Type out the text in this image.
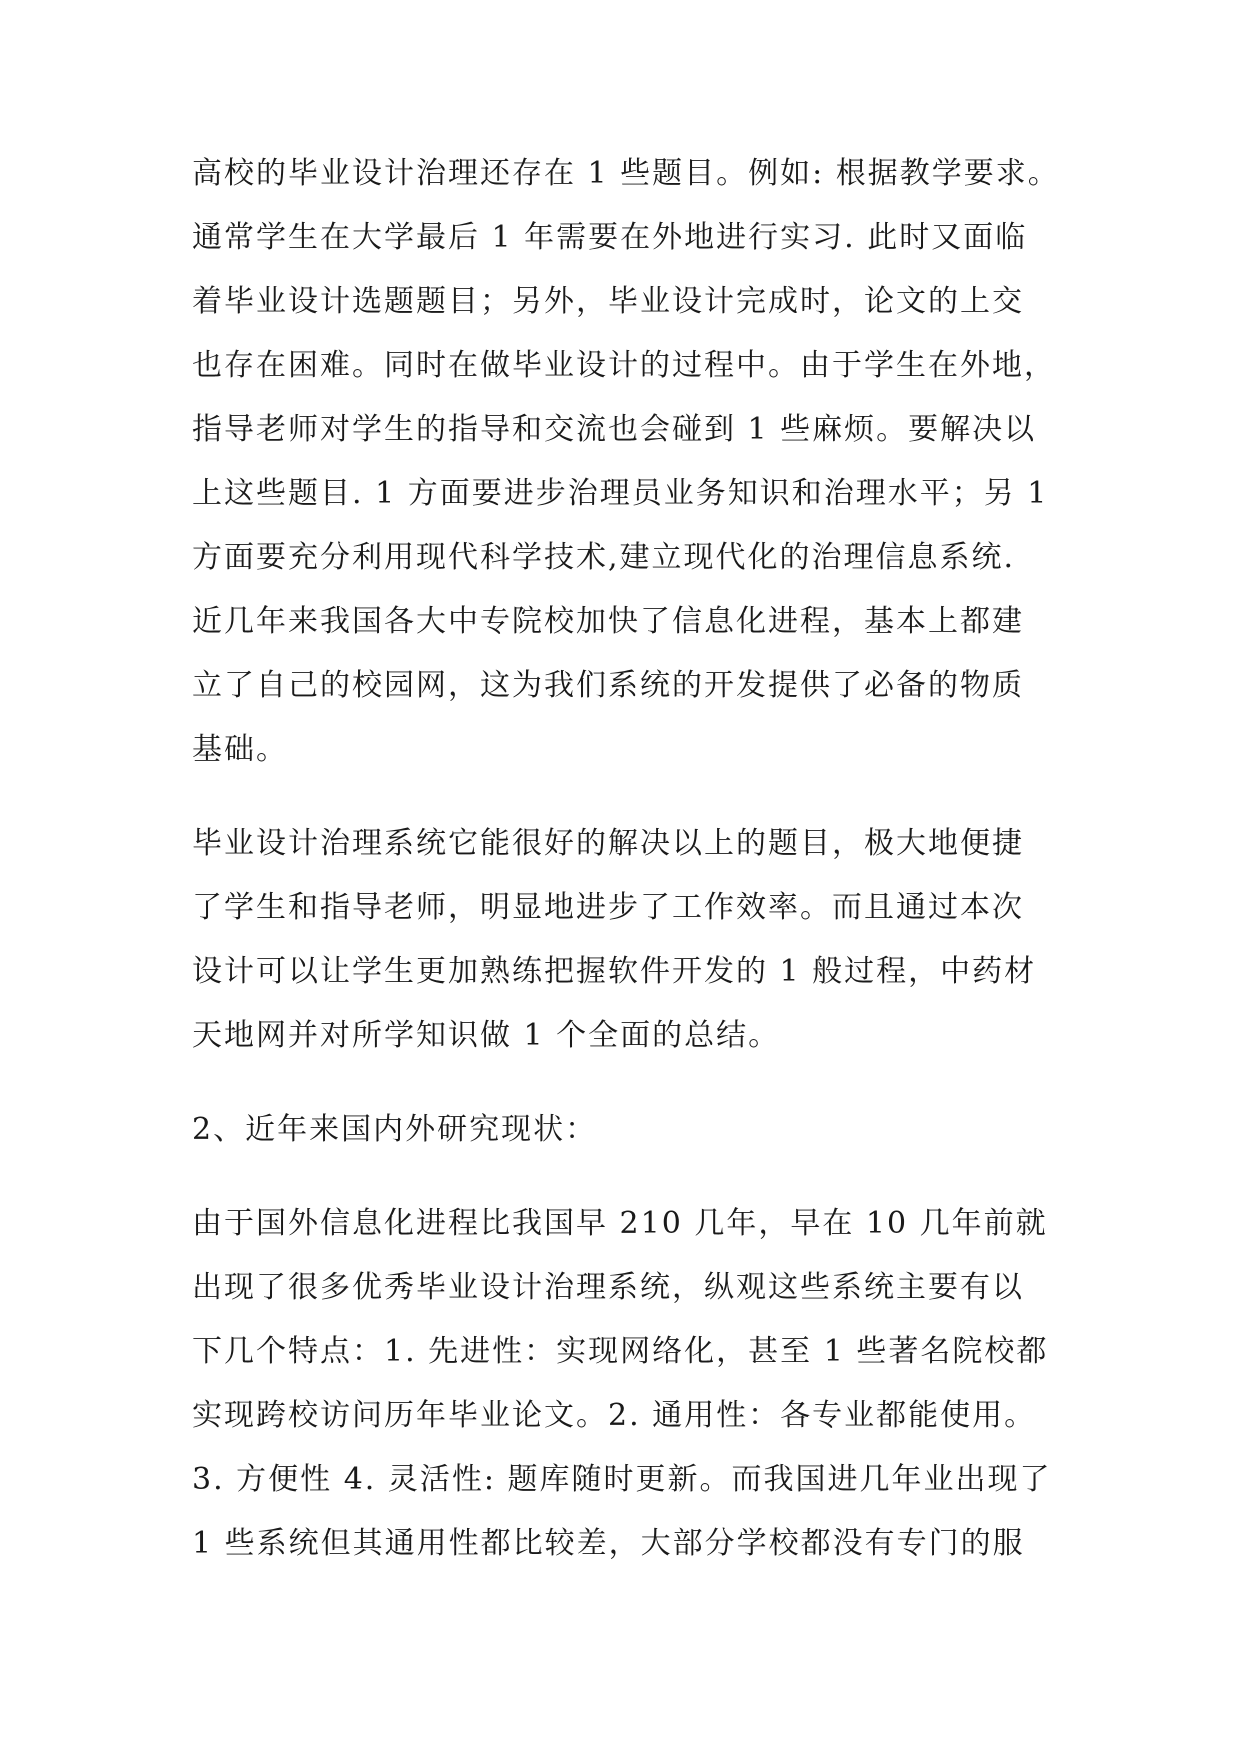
高校的毕业设计治理还存在 1 些题目。例如: 根据教学要求。
通常学生在大学最后 1 年需要在外地进行实习. 此时又面临
着毕业设计选题题目；另外，毕业设计完成时，论文的上交
也存在困难。同时在做毕业设计的过程中。由于学生在外地，
指导老师对学生的指导和交流也会碰到 1 些麻烦。要解决以
上这些题目. 1 方面要进步治理员业务知识和治理水平；另 1
方面要充分利用现代科学技术,建立现代化的治理信息系统.
近几年来我国各大中专院校加快了信息化进程，基本上都建
立了自己的校园网，这为我们系统的开发提供了必备的物质
基础。
毕业设计治理系统它能很好的解决以上的题目，极大地便捷
了学生和指导老师，明显地进步了工作效率。而且通过本次
设计可以让学生更加熟练把握软件开发的 1 般过程，中药材
天地网并对所学知识做 1 个全面的总结。
2、近年来国内外研究现状：
由于国外信息化进程比我国早 210 几年，早在 10 几年前就
出现了很多优秀毕业设计治理系统，纵观这些系统主要有以
下几个特点：1. 先进性：实现网络化，甚至 1 些著名院校都
实现跨校访问历年毕业论文。2. 通用性：各专业都能使用。
3. 方便性 4. 灵活性: 题库随时更新。而我国进几年业出现了
1 些系统但其通用性都比较差，大部分学校都没有专门的服
